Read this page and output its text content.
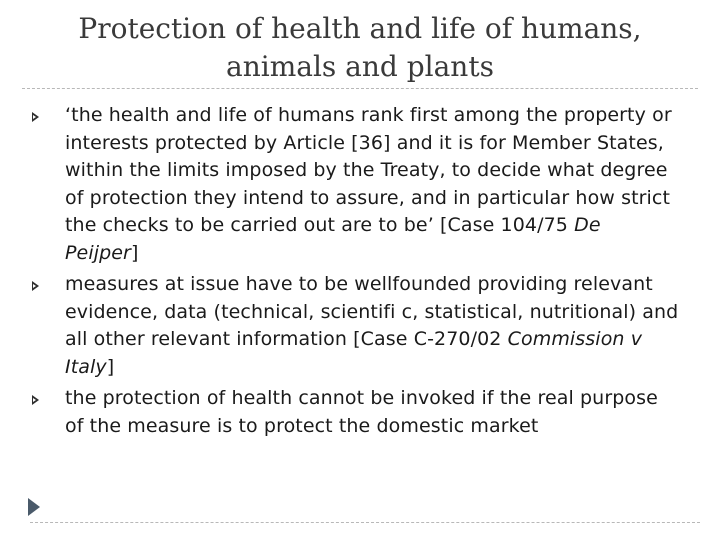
Protection of health and life of humans, animals and plants
‘the health and life of humans rank first among the property or interests protected by Article [36] and it is for Member States, within the limits imposed by the Treaty, to decide what degree of protection they intend to assure, and in particular how strict the checks to be carried out are to be’ [Case 104/75 De Peijper]
measures at issue have to be wellfounded providing relevant evidence, data (technical, scientifi c, statistical, nutritional) and all other relevant information [Case C-270/02 Commission v Italy]
the protection of health cannot be invoked if the real purpose of the measure is to protect the domestic market
